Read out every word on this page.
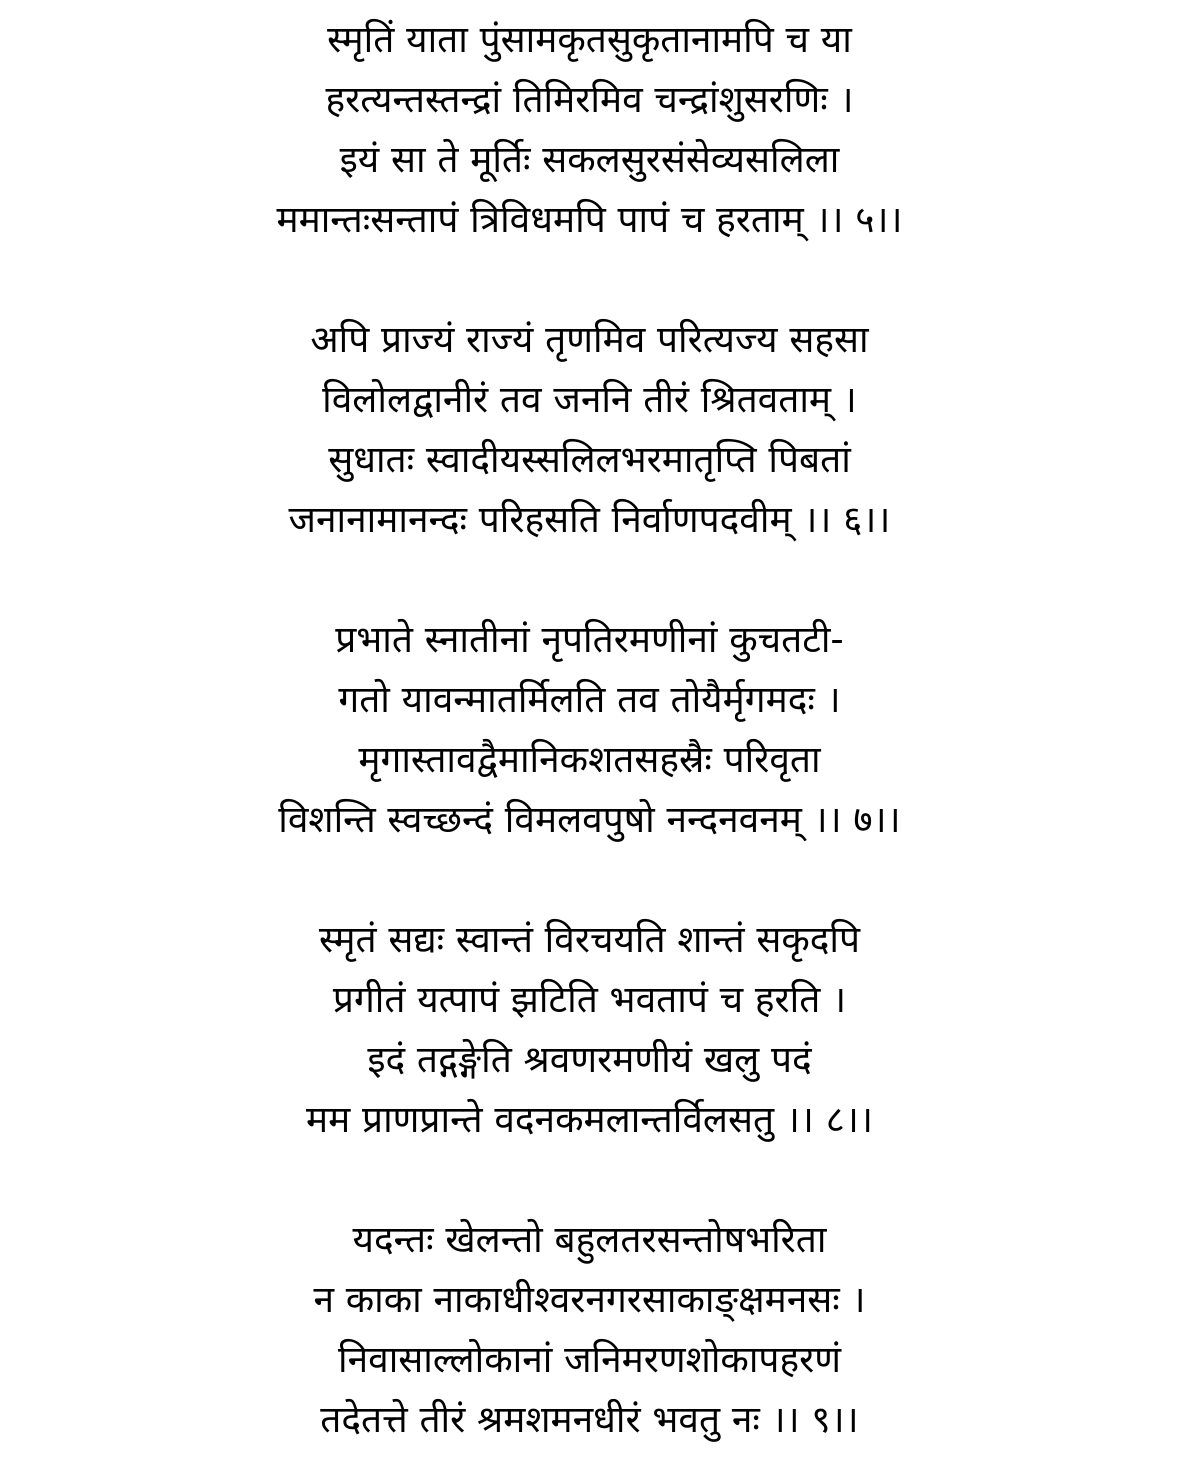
स्मृतिं याता पुंसामकृतसुकृतानामपि च या
हरत्यन्तस्तन्द्रां तिमिरमिव चन्द्रांशुसरणिः ।
इयं सा ते मूर्तिः सकलसुरसंसेव्यसलिला
ममान्तःसन्तापं त्रिविधमपि पापं च हरताम् ।। ५।।
अपि प्राज्यं राज्यं तृणमिव परित्यज्य सहसा
विलोलद्वानीरं तव जननि तीरं श्रितवताम् ।
सुधातः स्वादीयस्सलिलभरमातृप्ति पिबतां
जनानामानन्दः परिहसति निर्वाणपदवीम् ।। ६।।
प्रभाते स्नातीनां नृपतिरमणीनां कुचतटी-
गतो यावन्मातर्मिलति तव तोयैर्मृगमदः ।
मृगास्तावद्वैमानिकशतसहस्रैः परिवृता
विशन्ति स्वच्छन्दं विमलवपुषो नन्दनवनम् ।। ७।।
स्मृतं सद्यः स्वान्तं विरचयति शान्तं सकृदपि
प्रगीतं यत्पापं झटिति भवतापं च हरति ।
इदं तद्गङ्गेति श्रवणरमणीयं खलु पदं
मम प्राणप्रान्ते वदनकमलान्तर्विलसतु ।। ८।।
यदन्तः खेलन्तो बहुलतरसन्तोषभरिता
न काका नाकाधीश्वरनगरसाकाङ्क्षमनसः ।
निवासाल्लोकानां जनिमरणशोकापहरणं
तदेतत्ते तीरं श्रमशमनधीरं भवतु नः ।। ९।।
